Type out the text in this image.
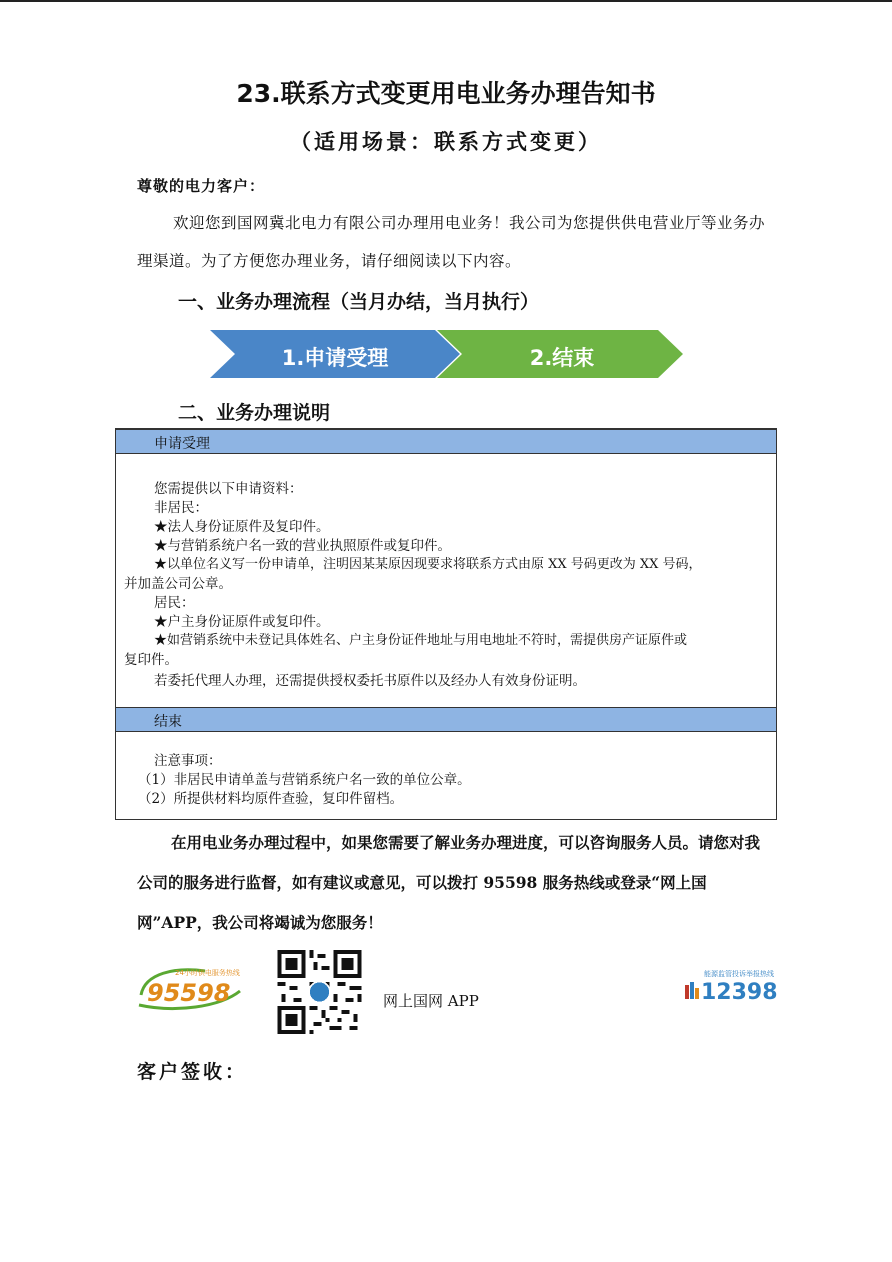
23.联系方式变更用电业务办理告知书
（适用场景：联系方式变更）
尊敬的电力客户：
欢迎您到国网冀北电力有限公司办理用电业务！我公司为您提供供电营业厅等业务办理渠道。为了方便您办理业务，请仔细阅读以下内容。
一、业务办理流程（当月办结，当月执行）
1.申请受理	2.结束
二、业务办理说明
申请受理
您需提供以下申请资料：
非居民：
★法人身份证原件及复印件。
★与营销系统户名一致的营业执照原件或复印件。
★以单位名义写一份申请单，注明因某某原因现要求将联系方式由原 XX 号码更改为 XX 号码，
并加盖公司公章。
居民：
★户主身份证原件或复印件。
★如营销系统中未登记具体姓名、户主身份证件地址与用电地址不符时，需提供房产证原件或
复印件。
若委托代理人办理，还需提供授权委托书原件以及经办人有效身份证明。
结束
注意事项：
（1）非居民申请单盖与营销系统户名一致的单位公章。
（2）所提供材料均原件查验，复印件留档。
在用电业务办理过程中，如果您需要了解业务办理进度，可以咨询服务人员。请您对我公司的服务进行监督，如有建议或意见，可以拨打 95598 服务热线或登录“网上国网”APP，我公司将竭诚为您服务！
24小时供电服务热线
95598	网上国网 APP
能源监管投诉举报热线
12398
客户签收：
